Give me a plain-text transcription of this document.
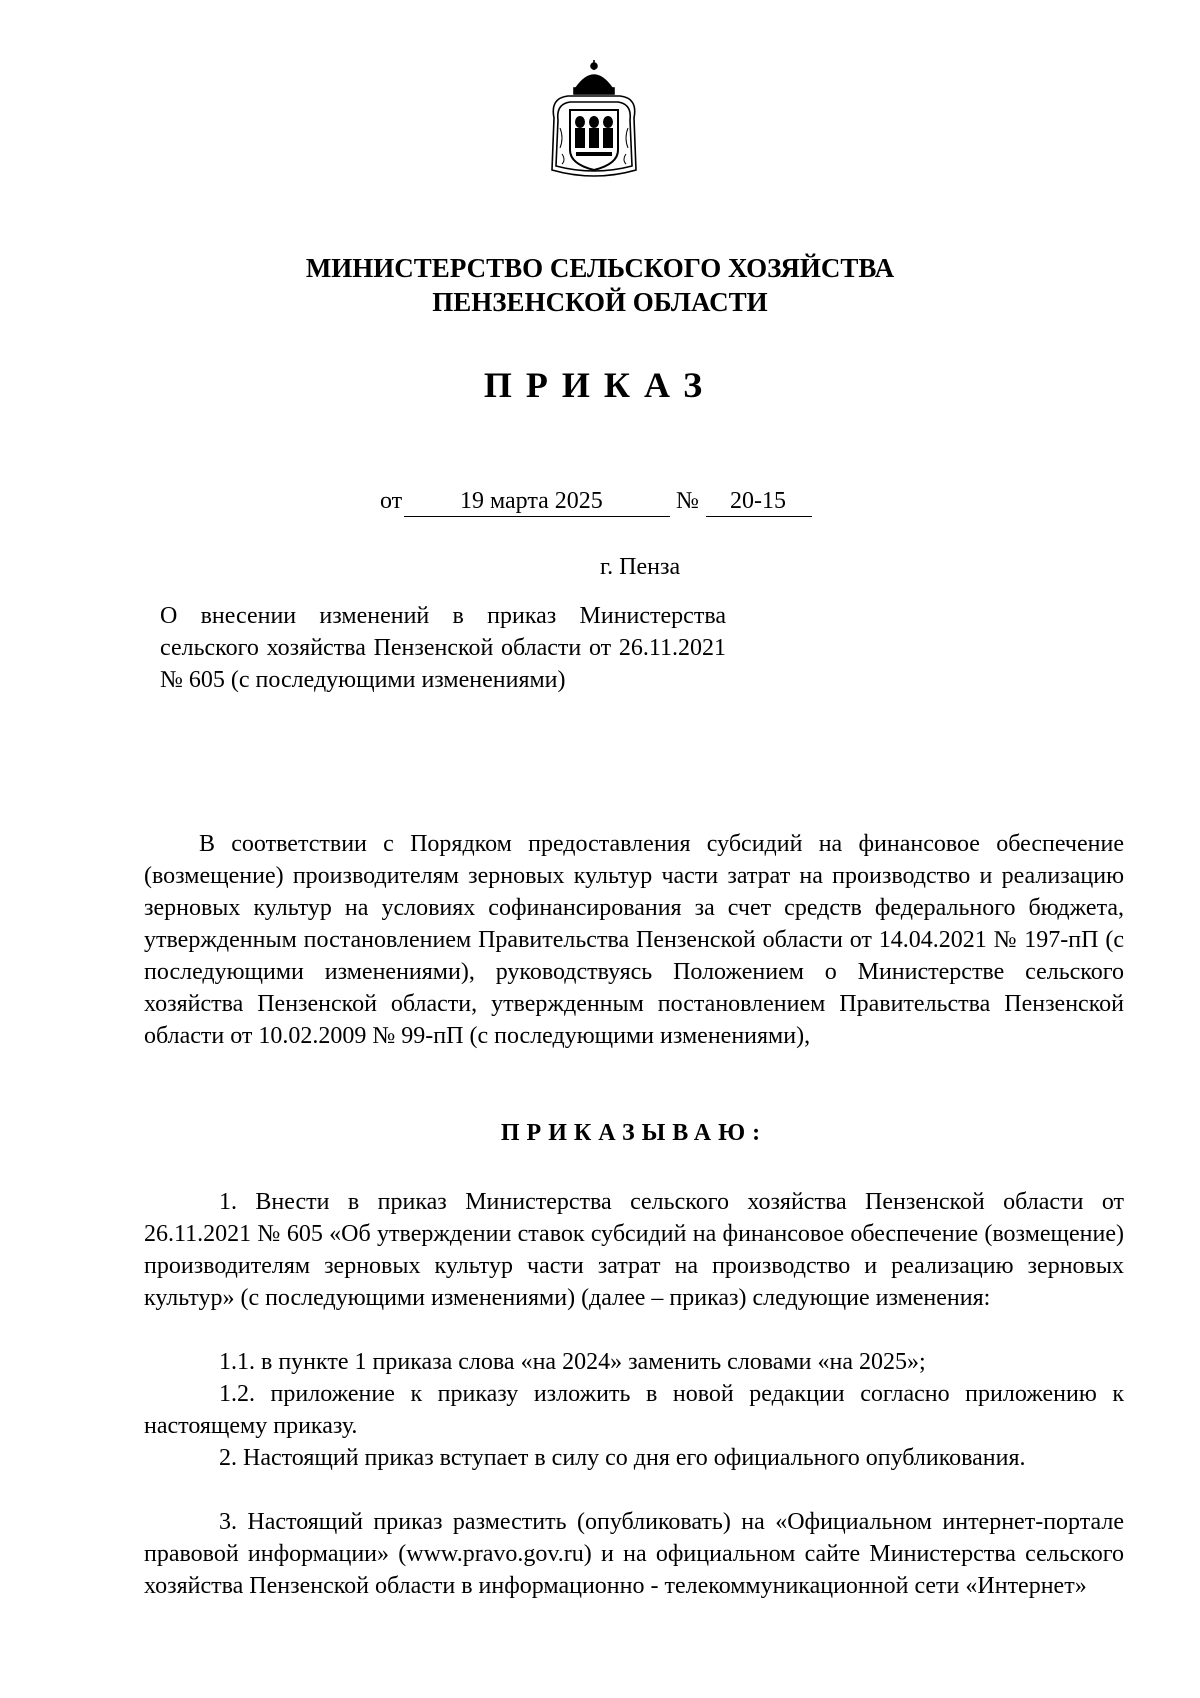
МИНИСТЕРСТВО СЕЛЬСКОГО ХОЗЯЙСТВА
ПЕНЗЕНСКОЙ ОБЛАСТИ
ПРИКАЗ
от 19 марта 2025	№ 20-15
г. Пенза
О внесении изменений в приказ Министерства сельского хозяйства Пензенской области от 26.11.2021 № 605 (с последующими изменениями)

В соответствии с Порядком предоставления субсидий на финансовое обеспечение (возмещение) производителям зерновых культур части затрат на производство и реализацию зерновых культур на условиях софинансирования за счет средств федерального бюджета, утвержденным постановлением Правительства Пензенской области от 14.04.2021 № 197-пП (с последующими изменениями), руководствуясь Положением о Министерстве сельского хозяйства Пензенской области, утвержденным постановлением Правительства Пензенской области от 10.02.2009 № 99-пП (с последующими изменениями),

ПРИКАЗЫВАЮ:

1. Внести в приказ Министерства сельского хозяйства Пензенской области от 26.11.2021 № 605 «Об утверждении ставок субсидий на финансовое обеспечение (возмещение) производителям зерновых культур части затрат на производство и реализацию зерновых культур» (с последующими изменениями) (далее – приказ) следующие изменения:

1.1. в пункте 1 приказа слова «на 2024» заменить словами «на 2025»;

1.2. приложение к приказу изложить в новой редакции согласно приложению к настоящему приказу.

2. Настоящий приказ вступает в силу со дня его официального опубликования.

3. Настоящий приказ разместить (опубликовать) на «Официальном интернет-портале правовой информации» (www.pravo.gov.ru) и на официальном сайте Министерства сельского хозяйства Пензенской области в информационно - телекоммуникационной сети «Интернет»
